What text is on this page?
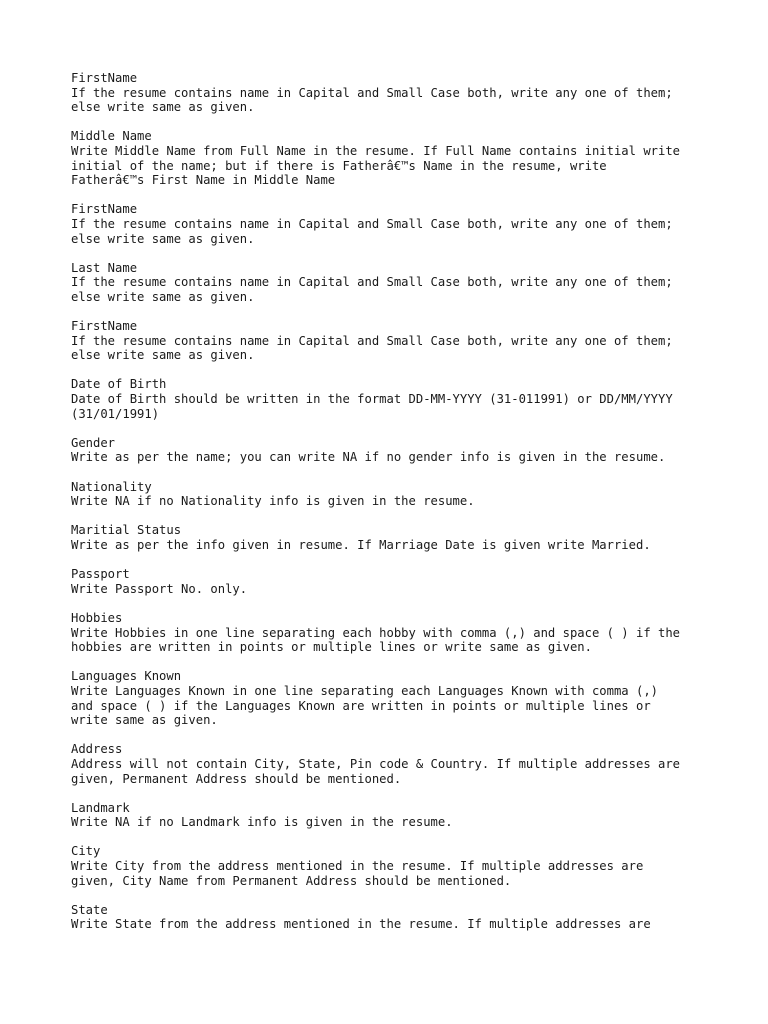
FirstName
If the resume contains name in Capital and Small Case both, write any one of them;
else write same as given.
Middle Name
Write Middle Name from Full Name in the resume. If Full Name contains initial write
initial of the name; but if there is Fatherâ€™s Name in the resume, write
Fatherâ€™s First Name in Middle Name
FirstName
If the resume contains name in Capital and Small Case both, write any one of them;
else write same as given.
Last Name
If the resume contains name in Capital and Small Case both, write any one of them;
else write same as given.
FirstName
If the resume contains name in Capital and Small Case both, write any one of them;
else write same as given.
Date of Birth
Date of Birth should be written in the format DD-MM-YYYY (31-011991) or DD/MM/YYYY
(31/01/1991)
Gender
Write as per the name; you can write NA if no gender info is given in the resume.
Nationality
Write NA if no Nationality info is given in the resume.
Maritial Status
Write as per the info given in resume. If Marriage Date is given write Married.
Passport
Write Passport No. only.
Hobbies
Write Hobbies in one line separating each hobby with comma (,) and space ( ) if the
hobbies are written in points or multiple lines or write same as given.
Languages Known
Write Languages Known in one line separating each Languages Known with comma (,)
and space ( ) if the Languages Known are written in points or multiple lines or
write same as given.
Address
Address will not contain City, State, Pin code & Country. If multiple addresses are
given, Permanent Address should be mentioned.
Landmark
Write NA if no Landmark info is given in the resume.
City
Write City from the address mentioned in the resume. If multiple addresses are
given, City Name from Permanent Address should be mentioned.
State
Write State from the address mentioned in the resume. If multiple addresses are
